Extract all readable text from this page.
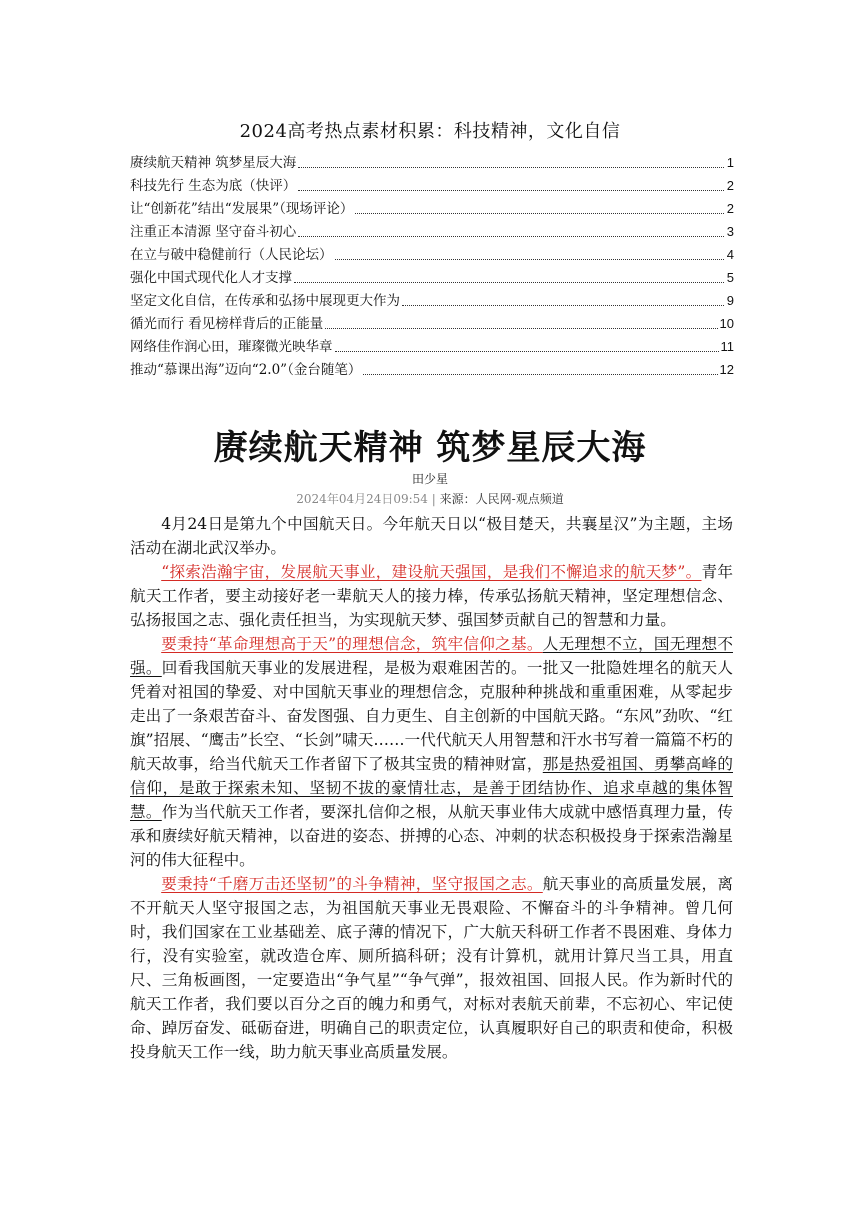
2024高考热点素材积累：科技精神，文化自信
赓续航天精神 筑梦星辰大海	1
科技先行 生态为底（快评）	2
让“创新花”结出“发展果”（现场评论）	2
注重正本清源 坚守奋斗初心	3
在立与破中稳健前行（人民论坛）	4
强化中国式现代化人才支撑	5
坚定文化自信，在传承和弘扬中展现更大作为	9
循光而行 看见榜样背后的正能量	10
网络佳作润心田，璀璨微光映华章	11
推动“慕课出海”迈向“2.0”（金台随笔）	12
赓续航天精神 筑梦星辰大海
田少星
2024年04月24日09:54 | 来源：人民网-观点频道

4月24日是第九个中国航天日。今年航天日以“极目楚天，共襄星汉”为主题，主场活动在湖北武汉举办。

“探索浩瀚宇宙，发展航天事业，建设航天强国，是我们不懈追求的航天梦”。青年航天工作者，要主动接好老一辈航天人的接力棒，传承弘扬航天精神，坚定理想信念、弘扬报国之志、强化责任担当，为实现航天梦、强国梦贡献自己的智慧和力量。

要秉持“革命理想高于天”的理想信念，筑牢信仰之基。人无理想不立，国无理想不强。回看我国航天事业的发展进程，是极为艰难困苦的。一批又一批隐姓埋名的航天人凭着对祖国的挚爱、对中国航天事业的理想信念，克服种种挑战和重重困难，从零起步走出了一条艰苦奋斗、奋发图强、自力更生、自主创新的中国航天路。“东风”劲吹、“红旗”招展、“鹰击”长空、“长剑”啸天……一代代航天人用智慧和汗水书写着一篇篇不朽的航天故事，给当代航天工作者留下了极其宝贵的精神财富，那是热爱祖国、勇攀高峰的信仰，是敢于探索未知、坚韧不拔的豪情壮志，是善于团结协作、追求卓越的集体智慧。作为当代航天工作者，要深扎信仰之根，从航天事业伟大成就中感悟真理力量，传承和赓续好航天精神，以奋进的姿态、拼搏的心态、冲刺的状态积极投身于探索浩瀚星河的伟大征程中。

要秉持“千磨万击还坚韧”的斗争精神，坚守报国之志。航天事业的高质量发展，离不开航天人坚守报国之志，为祖国航天事业无畏艰险、不懈奋斗的斗争精神。曾几何时，我们国家在工业基础差、底子薄的情况下，广大航天科研工作者不畏困难、身体力行，没有实验室，就改造仓库、厕所搞科研；没有计算机，就用计算尺当工具，用直尺、三角板画图，一定要造出“争气星”“争气弹”，报效祖国、回报人民。作为新时代的航天工作者，我们要以百分之百的魄力和勇气，对标对表航天前辈，不忘初心、牢记使命、踔厉奋发、砥砺奋进，明确自己的职责定位，认真履职好自己的职责和使命，积极投身航天工作一线，助力航天事业高质量发展。
